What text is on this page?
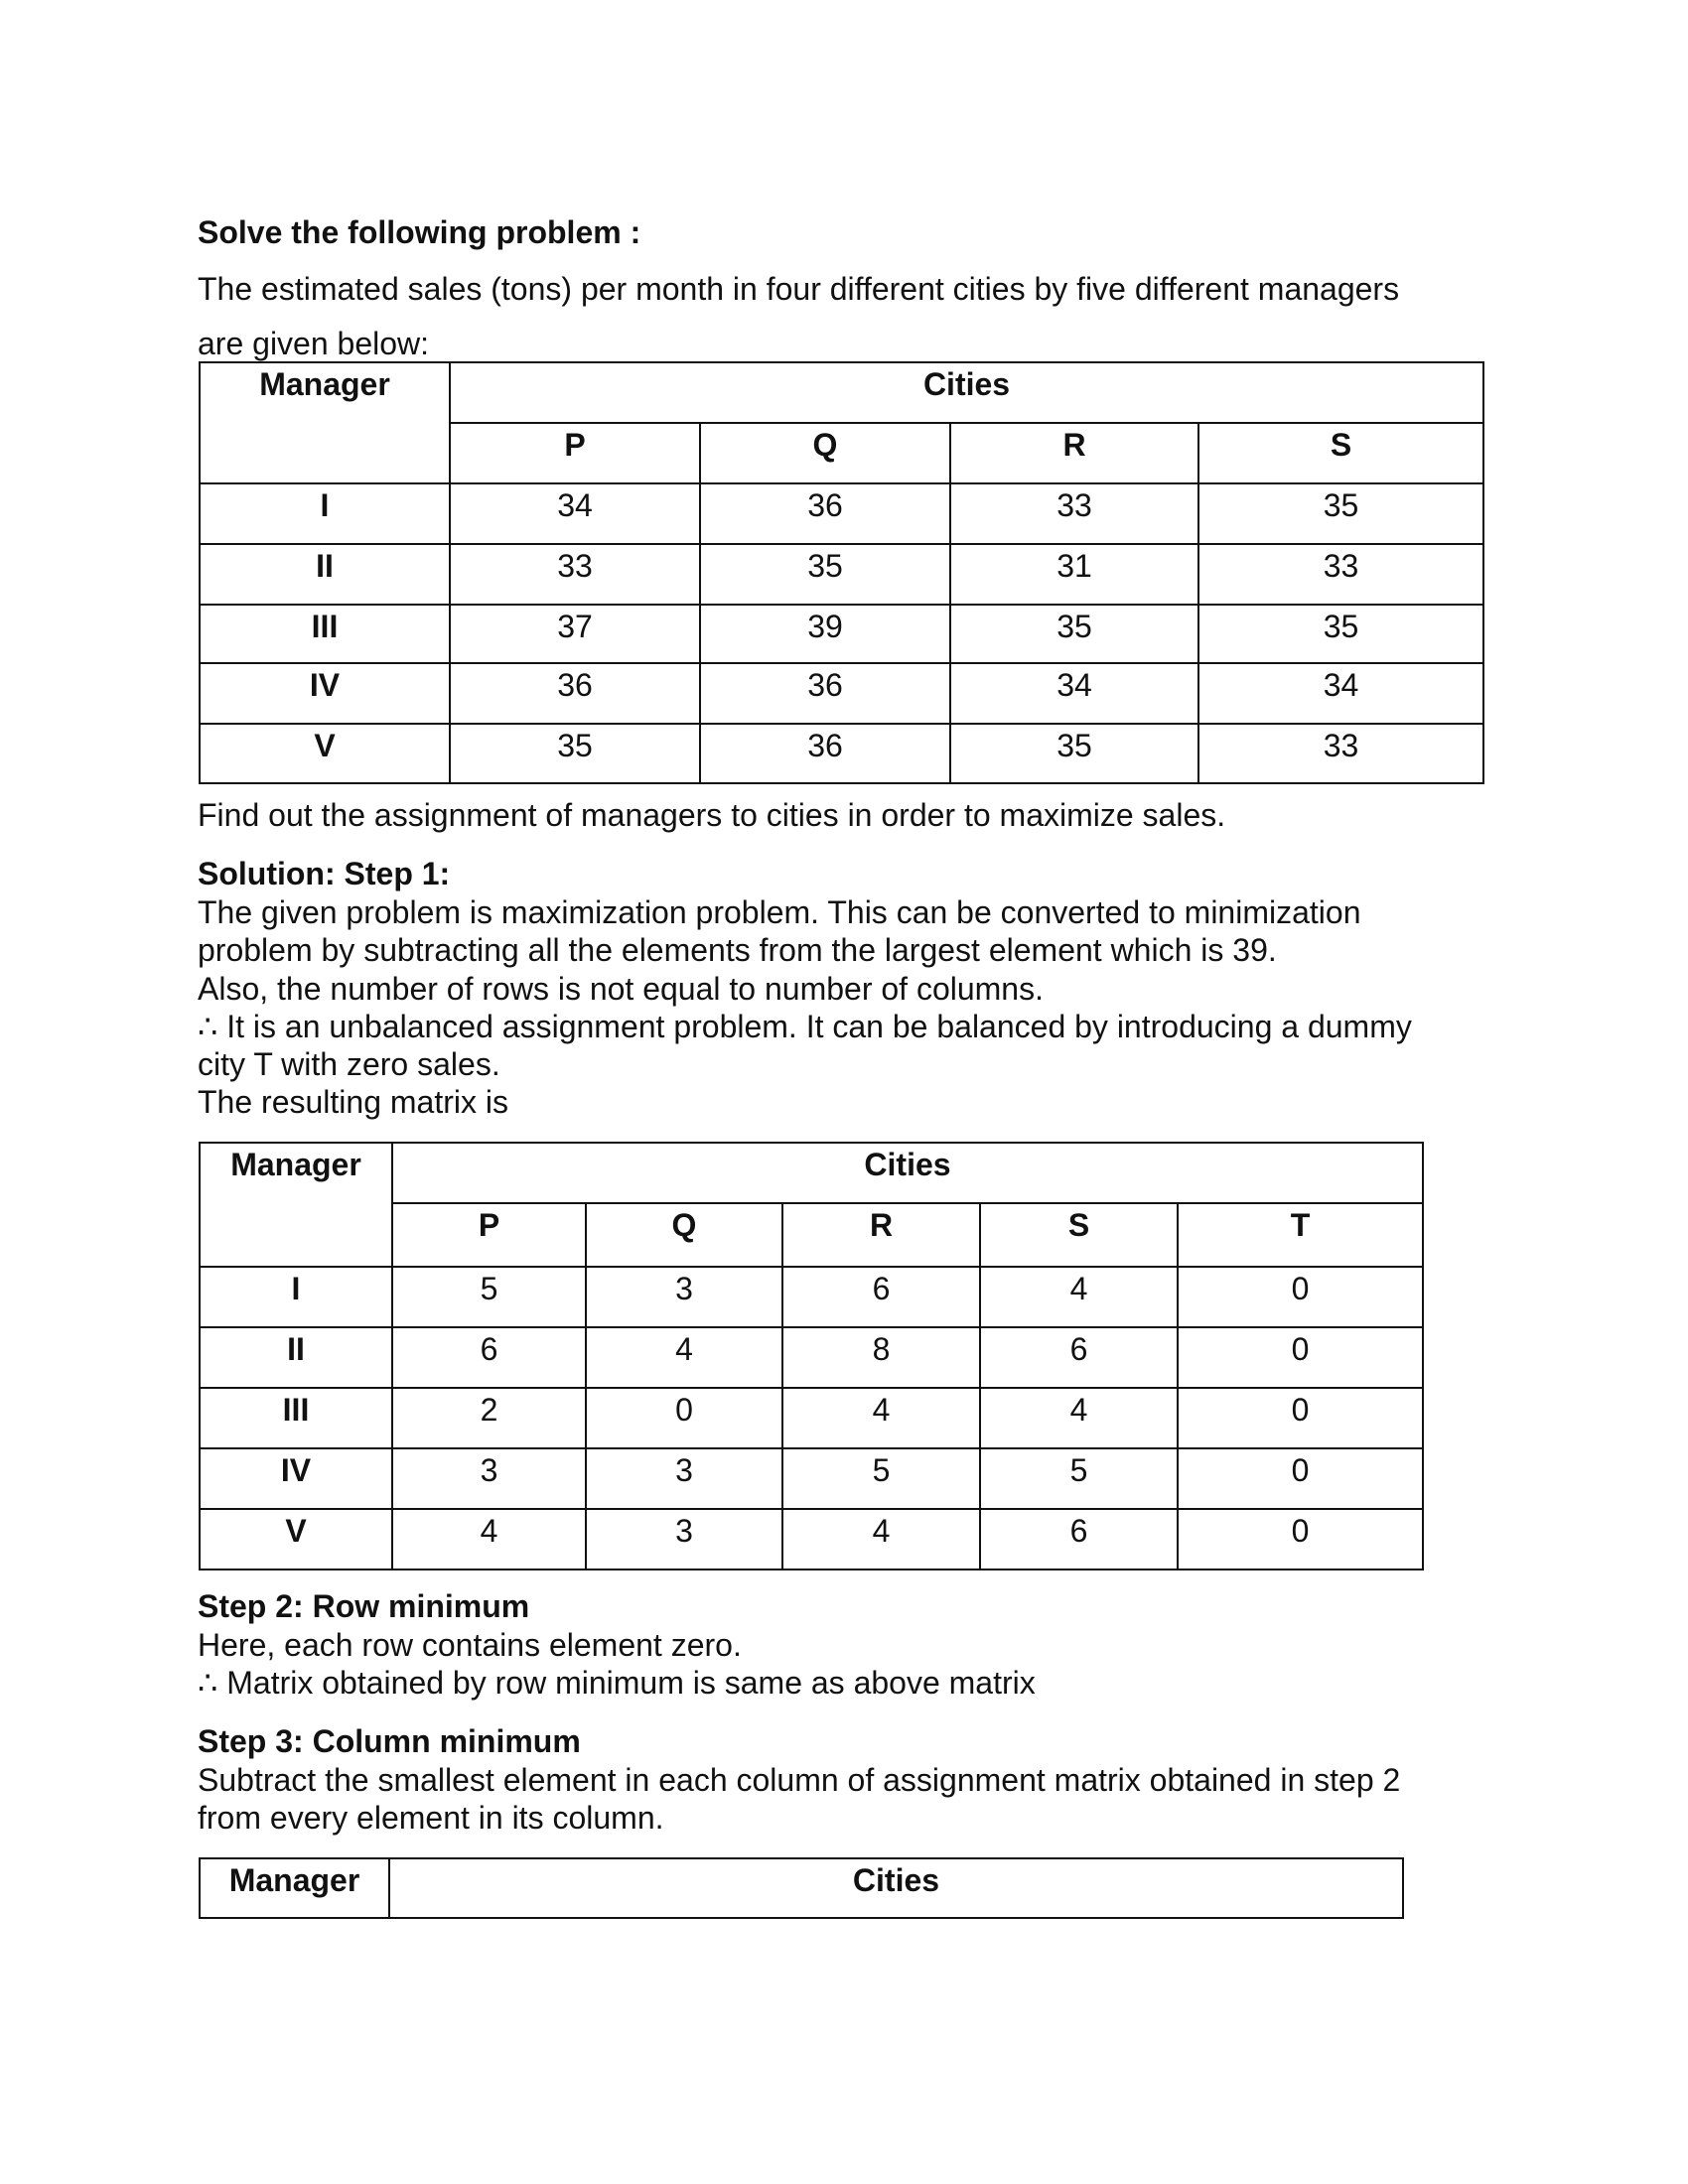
Solve the following problem :

The estimated sales (tons) per month in four different cities by five different managers

are given below:

Manager	Cities			
	P	Q	R	S
I	34	36	33	35
II	33	35	31	33
III	37	39	35	35
IV	36	36	34	34
V	35	36	35	33

Find out the assignment of managers to cities in order to maximize sales.

Solution: Step 1:

The given problem is maximization problem. This can be converted to minimization

problem by subtracting all the elements from the largest element which is 39.

Also, the number of rows is not equal to number of columns.

∴ It is an unbalanced assignment problem. It can be balanced by introducing a dummy

city T with zero sales.

The resulting matrix is

Manager	Cities				
	P	Q	R	S	T
I	5	3	6	4	0
II	6	4	8	6	0
III	2	0	4	4	0
IV	3	3	5	5	0
V	4	3	4	6	0

Step 2: Row minimum

Here, each row contains element zero.

∴ Matrix obtained by row minimum is same as above matrix

Step 3: Column minimum

Subtract the smallest element in each column of assignment matrix obtained in step 2

from every element in its column.

Manager	Cities
